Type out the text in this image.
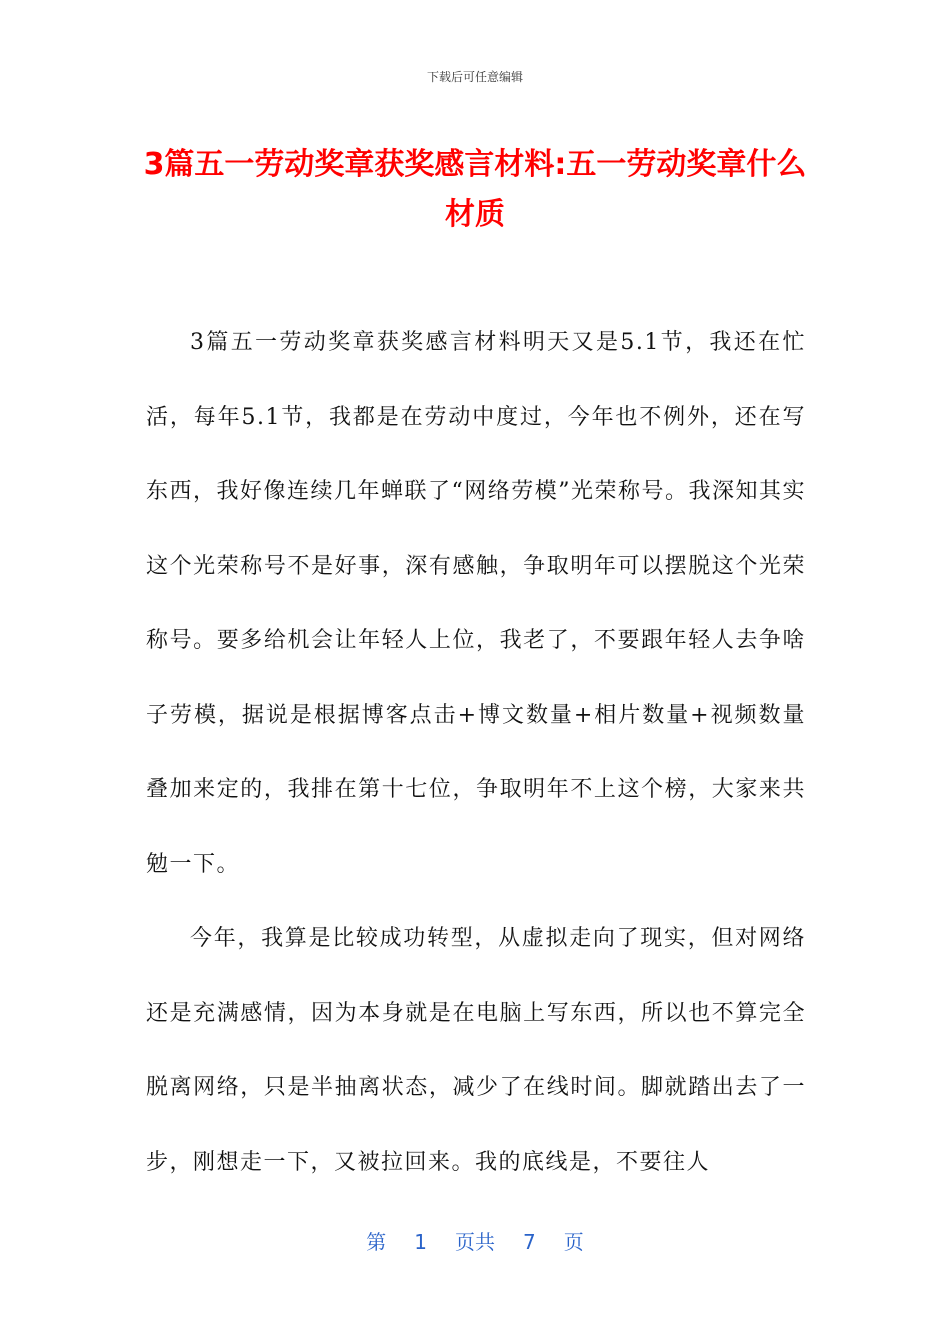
下载后可任意编辑
3篇五一劳动奖章获奖感言材料:五一劳动奖章什么材质

3篇五一劳动奖章获奖感言材料明天又是5.1节，我还在忙活，每年5.1节，我都是在劳动中度过，今年也不例外，还在写东西，我好像连续几年蝉联了“网络劳模”光荣称号。我深知其实这个光荣称号不是好事，深有感触，争取明年可以摆脱这个光荣称号。要多给机会让年轻人上位，我老了，不要跟年轻人去争啥子劳模，据说是根据博客点击+博文数量+相片数量+视频数量叠加来定的，我排在第十七位，争取明年不上这个榜，大家来共勉一下。

今年，我算是比较成功转型，从虚拟走向了现实，但对网络还是充满感情，因为本身就是在电脑上写东西，所以也不算完全脱离网络，只是半抽离状态，减少了在线时间。脚就踏出去了一步，刚想走一下，又被拉回来。我的底线是，不要往人

第 1 页共 7 页
